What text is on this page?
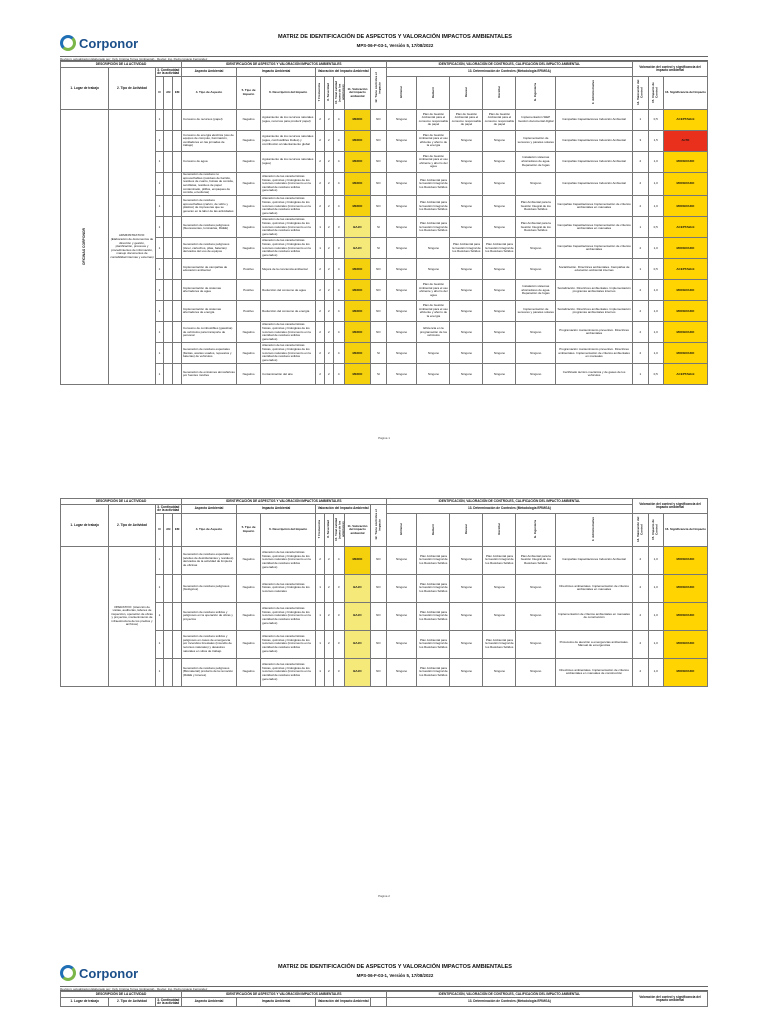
Corponor	MATRIZ DE IDENTIFICACIÓN DE ASPECTOS Y VALORACIÓN IMPACTOS AMBIENTALES
MPS-06-F-03-1, Versión 5, 17/08/2022
Revisión: actualización Elaborado por: Yeily Cristina Torres (Ambiental) · Revisó: Ing. Pedro Ignacio Fernández
DESCRIPCIÓN DE LA ACTIVIDAD					IDENTIFICACIÓN DE ASPECTOS Y VALORACIÓN IMPACTOS AMBIENTALES								IDENTIFICACIÓN, VALORACIÓN DE CONTROLES, CALIFICACIÓN DEL IMPACTO AMBIENTAL						Valoración del control y significancia del impacto ambiental		
1. Lugar de trabajo	2. Tipo de Actividad	3. Continuidad de la actividad			Aspecto Ambiental	Impacto Ambiental		Valoración del Impacto Ambiental				12. Tiene controles el impacto	13. Determinación de Controles (Metodología EFIMGA)								
		N	AN	EM	4. Tipo de Aspecto	5. Tipo de Impacto	6. Descripción del Impacto	7 Frecuencia	8. Severidad	10. Total calidad (suma de los anteriores)	11. Valoración del impacto ambiental		Eliminar	Reducir	Reusar	Reciclar	G. Ingeniería	F. Administrativo	14. Valoración del Control	15. Impacto de Control	16. Significancia del Impacto
OFICINAS CORPONOR	ADMINISTRATIVO: (Elaboración de documentos de dirección y gestión, planificación, procesos y procedimientos de información, manejo documentos de contabilidad internas y externas)	1			Consumo de recursos (papel)	Negativo	Agotamiento de los recursos naturales (agua, recursos para producir papel)	2	2	4	MEDIO	NO	Ninguno	Plan de Gestión Ambiental para el consumo responsable de papel	Plan de Gestión Ambiental para el consumo responsable de papel	Plan de Gestión Ambiental para el consumo responsable de papel	Implementación SIEP Gestión documental digital	Campañas Capacitaciones Inducción Ambiental	1	0,5	ACEPTABLE
		1			Consumo de energía eléctrica (uso de equipos de cómputo, iluminación, ventiladores en las jornadas de trabajo)	Negativo	Agotamiento de los recursos naturales (agua, combustibles fósiles) y contribución al calentamiento global	2	2	4	MEDIO	NO	Ninguno	Plan de Gestión Ambiental para el uso eficiente y ahorro de la energía	Ninguno	Ninguno	Implementación de sensores y paneles solares	Campañas Capacitaciones Inducción Ambiental	3	1,5	ALTO
		1			Consumo de agua	Negativo	Agotamiento de los recursos naturales (agua)	2	2	4	MEDIO	NO	Ninguno	Plan de Gestión Ambiental para el uso eficiente y ahorro del agua	Ninguno	Ninguno	Instalación sistemas ahorradores de agua. Reparación de fugas	Campañas Capacitaciones Inducción Ambiental	2	1,0	MODERADO
		1			Generación de residuos no aprovechables (residuos de barrido, residuos de cuarto, bolsas de comida, servilletas, residuos de papel contaminado, pitillos, empaques de comida, envolturas)	Negativo	Alteración de las características físicas, químicas y biológicas de los recursos naturales (incremento en la cantidad de residuos sólidos generados)	2	2	4	MEDIO	NO	Ninguno	Plan Ambiental para la Gestión Integral de los Residuos Sólidos	Ninguno	Ninguno	Ninguno	Campañas Capacitaciones Inducción Ambiental	2	1,0	MODERADO
		1			Generación de residuos aprovechables (cartón, de vidrio y plástico) de impresoras que se generan en la labor de las actividades	Negativo	Alteración de las características físicas, químicas y biológicas de los recursos naturales (incremento en la cantidad de residuos sólidos generados)	2	2	4	MEDIO	NO	Ninguno	Plan Ambiental para la Gestión Integral de los Residuos Sólidos	Ninguno	Ninguno	Plan Ambiental para la Gestión Integral de los Residuos Sólidos	Campañas Capacitaciones Implementación de criterios ambientales en manuales	2	1,0	MODERADO
		1			Generación de residuos peligrosos (fluorescentes, luminarias, RAEE)	Negativo	Alteración de las características físicas, químicas y biológicas de los recursos naturales (incremento en la cantidad de residuos sólidos generados)	1	2	3	BAJO	SI	Ninguno	Plan Ambiental para la Gestión Integral de los Residuos Sólidos	Ninguno	Ninguno	Plan Ambiental para la Gestión Integral de los Residuos Sólidos	Campañas Capacitaciones Implementación de criterios ambientales en manuales	1	0,5	ACEPTABLE
		1			Generación de residuos peligrosos (tóner, cartuchos, pilas, baterías) derivados del uso de equipos	Negativo	Alteración de las características físicas, químicas y biológicas de los recursos naturales (incremento en la cantidad de residuos sólidos generados)	1	2	3	BAJO	SI	Ninguno	Ninguno	Plan Ambiental para la Gestión Integral de los Residuos Sólidos	Plan Ambiental para la Gestión Integral de los Residuos Sólidos	Ninguno	Campañas Capacitaciones Implementación de criterios ambientales	2	1,0	MODERADO
		1			Implementación de campañas de educación ambiental	Positivo	Mejora de la conciencia ambiental	2	2	4	MEDIO	NO	Ninguno	Ninguno	Ninguno	Ninguno	Ninguno	Socialización. Directrices ambientales. Campañas de educación ambiental internas	1	0,5	ACEPTABLE
		1			Implementación de sistemas ahorradores de agua	Positivo	Reducción del consumo de agua	2	2	4	MEDIO	NO	Ninguno	Plan de Gestión Ambiental para el uso eficiente y ahorro del agua	Ninguno	Ninguno	Instalación sistemas ahorradores de agua. Reparación de fugas	Socialización. Directrices ambientales. Implementación programas ambientales internos	2	1,0	MODERADO
		1			Implementación de sistemas ahorradores de energía	Positivo	Reducción del consumo de energía	2	2	4	MEDIO	NO	Ninguno	Plan de Gestión Ambiental para el uso eficiente y ahorro de la energía	Ninguno	Ninguno	Implementación de sensores y paneles solares	Socialización. Directrices ambientales. Implementación programas ambientales internos	2	1,0	MODERADO
		1			Consumo de combustibles (gasolina) de vehículos para transporte de personal	Negativo	Alteración de las características físicas, químicas y biológicas de los recursos naturales (incremento en la cantidad de residuos sólidos generados)	2	2	4	MEDIO	NO	Ninguno	Eficiencia en la programación de los vehículos	Ninguno	Ninguno	Ninguno	Programación mantenimiento preventivo. Directrices ambientales	2	1,0	MODERADO
		1			Generación de residuos especiales (llantas, aceites usados, repuestos y baterías) de vehículos	Negativo	Alteración de las características físicas, químicas y biológicas de los recursos naturales (incremento en la cantidad de residuos sólidos generados)	2	2	4	MEDIO	SI	Ninguno	Ninguno	Ninguno	Ninguno	Ninguno	Programación mantenimiento preventivo. Directrices ambientales. Implementación de criterios ambientales en manuales	2	1,0	MODERADO
		1			Generación de emisiones atmosféricas por fuentes móviles	Negativo	Contaminación del aire	2	2	4	MEDIO	SI	Ninguno	Ninguno	Ninguno	Ninguno	Ninguno	Certificado técnico mecánica y de gases de los vehículos	1	0,5	ACEPTABLE
Página 1
DESCRIPCIÓN DE LA ACTIVIDAD					IDENTIFICACIÓN DE ASPECTOS Y VALORACIÓN IMPACTOS AMBIENTALES								IDENTIFICACIÓN, VALORACIÓN DE CONTROLES, CALIFICACIÓN DEL IMPACTO AMBIENTAL						Valoración del control y significancia del impacto ambiental		
1. Lugar de trabajo	2. Tipo de Actividad	3. Continuidad de la actividad			Aspecto Ambiental	Impacto Ambiental		Valoración del Impacto Ambiental				12. Tiene controles el impacto	13. Determinación de Controles (Metodología EFIMGA)								
		N	AN	EM	4. Tipo de Aspecto	5. Tipo de Impacto	6. Descripción del Impacto	7 Frecuencia	8. Severidad	10. Total calidad (suma de los anteriores)	11. Valoración del impacto ambiental		Eliminar	Reducir	Reusar	Reciclar	G. Ingeniería	F. Administrativo	14. Valoración del Control	15. Impacto de Control	16. Significancia del Impacto
	OPERATIVO: (Atención de visitas, auditorías, labores de inspección, operación de obras y proyectos, mantenimiento de infraestructura de los predios y archivos)	1			Generación de residuos especiales (aceites de desinfectantes y residuos) derivados de la actividad de limpieza de oficinas	Negativo	Alteración de las características físicas, químicas y biológicas de los recursos naturales (incremento en la cantidad de residuos sólidos generados)	2	2	4	MEDIO	NO	Ninguno	Plan Ambiental para la Gestión Integral de los Residuos Sólidos	Ninguno	Plan Ambiental para la Gestión Integral de los Residuos Sólidos	Plan Ambiental para la Gestión Integral de los Residuos Sólidos	Campañas Capacitaciones Inducción Ambiental	2	1,0	MODERADO
		1			Generación de residuos peligrosos (biológicos)	Negativo	Alteración de las características físicas, químicas y biológicas de los recursos naturales	1	2	3	BAJO	NO	Ninguno	Plan Ambiental para la Gestión Integral de los Residuos Sólidos	Ninguno	Ninguno	Ninguno	Directrices ambientales. Implementación de criterios ambientales en manuales	2	1,0	MODERADO
		1			Generación de residuos sólidos y peligrosos en la operación de obras y proyectos	Negativo	Alteración de las características físicas, químicas y biológicas de los recursos naturales (incremento en la cantidad de residuos sólidos generados)	1	2	3	BAJO	NO	Ninguno	Plan Ambiental para la Gestión Integral de los Residuos Sólidos	Ninguno	Ninguno	Ninguno	Implementación de criterios ambientales en manuales de construcción	2	1,0	MODERADO
		1			Generación de residuos sólidos y peligrosos en casos de emergencia por incendios forestales (incendio de recursos naturales) y desastres naturales en sitios de trabajo	Negativo	Alteración de las características físicas, químicas y biológicas de los recursos naturales (incremento en la cantidad de residuos sólidos generados)	1	2	3	BAJO	NO	Ninguno	Plan Ambiental para la Gestión Integral de los Residuos Sólidos	Ninguno	Plan Ambiental para la Gestión Integral de los Residuos Sólidos	Ninguno	Protocolos de atención a emergencias ambientales. Manual de emergencias	2	1,0	MODERADO
		1			Generación de residuos peligrosos (Biomaterial) producto de la remoción (RAEE y tóneres)	Negativo	Alteración de las características físicas, químicas y biológicas de los recursos naturales (incremento en la cantidad de residuos sólidos generados)	1	2	3	BAJO	NO	Ninguno	Plan Ambiental para la Gestión Integral de los Residuos Sólidos	Ninguno	Ninguno	Ninguno	Directrices ambientales. Implementación de criterios ambientales en manuales de construcción	2	1,0	MODERADO
Página 2
Corponor	MATRIZ DE IDENTIFICACIÓN DE ASPECTOS Y VALORACIÓN IMPACTOS AMBIENTALES
MPS-06-F-03-1, Versión 5, 17/08/2022
Revisión: actualización Elaborado por: Yeily Cristina Torres (Ambiental) · Revisó: Ing. Pedro Ignacio Fernández
DESCRIPCIÓN DE LA ACTIVIDAD			IDENTIFICACIÓN DE ASPECTOS Y VALORACIÓN IMPACTOS AMBIENTALES				IDENTIFICACIÓN, VALORACIÓN DE CONTROLES, CALIFICACIÓN DEL IMPACTO AMBIENTAL	Valoración del control y significancia del impacto ambiental
1. Lugar de trabajo	2. Tipo de Actividad	3. Continuidad de la actividad	Aspecto Ambiental	Impacto Ambiental	Valoración del Impacto Ambiental		13. Determinación de Controles (Metodología EFIMGA)	
